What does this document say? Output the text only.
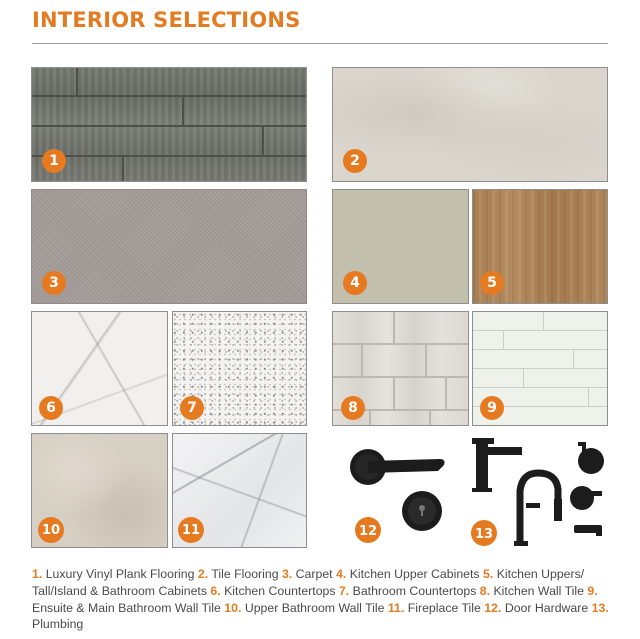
INTERIOR SELECTIONS
1	2
3	4	5
6	7	8	9
10	11	12	13
1. Luxury Vinyl Plank Flooring 2. Tile Flooring 3. Carpet 4. Kitchen Upper Cabinets 5. Kitchen Uppers/ Tall/Island & Bathroom Cabinets 6. Kitchen Countertops 7. Bathroom Countertops 8. Kitchen Wall Tile 9. Ensuite & Main Bathroom Wall Tile 10. Upper Bathroom Wall Tile 11. Fireplace Tile 12. Door Hardware 13. Plumbing
